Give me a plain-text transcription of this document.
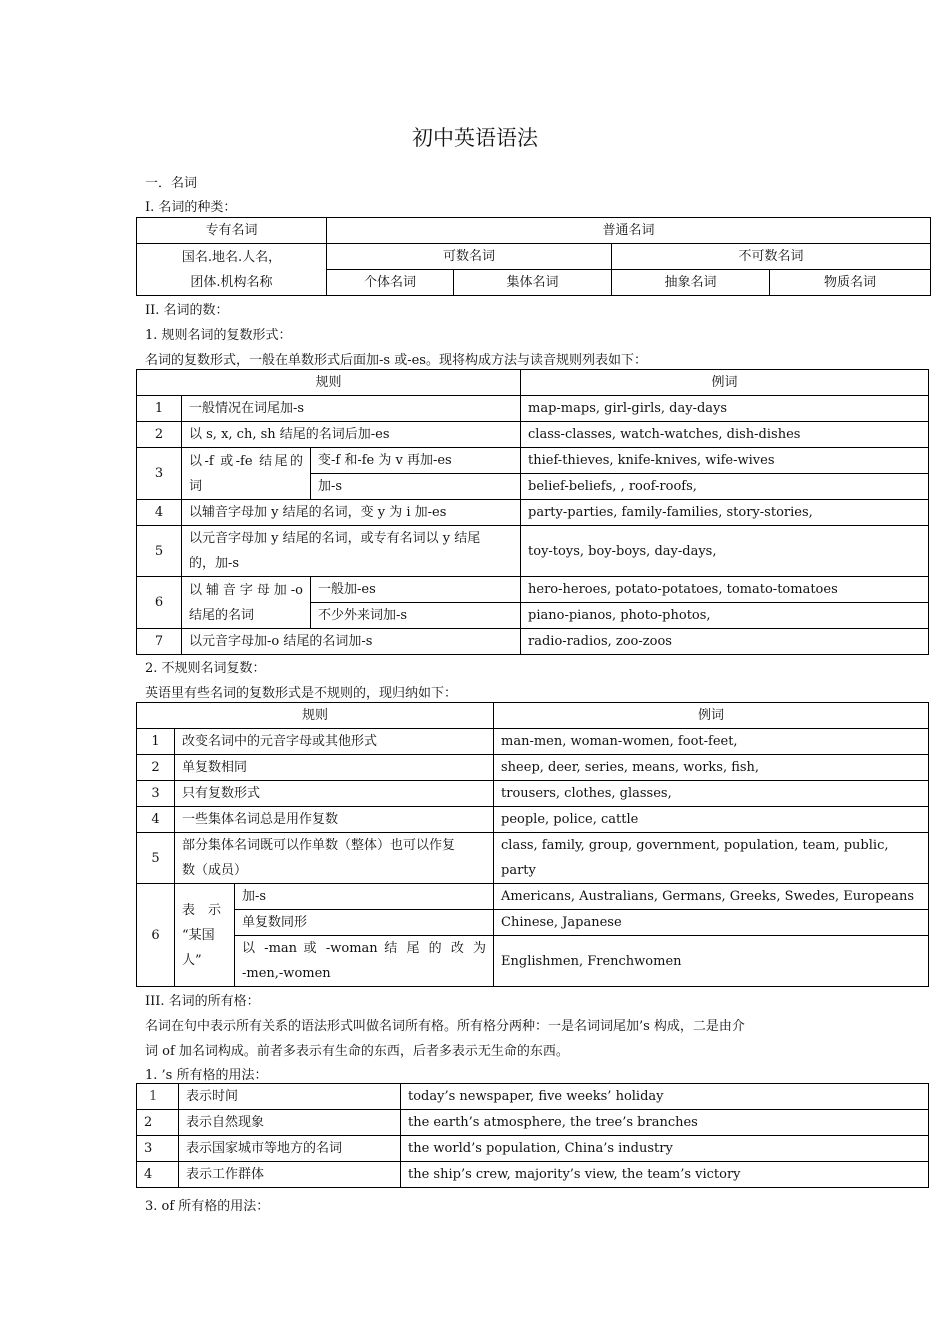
初中英语语法
一．名词
I. 名词的种类：
专有名词	普通名词			

国名.地名.人名，
团体.机构名称	可数名词		不可数名词	
	个体名词	集体名词	抽象名词	物质名词
II. 名词的数：
1. 规则名词的复数形式：
名词的复数形式，一般在单数形式后面加-s 或-es。现将构成方法与读音规则列表如下：
规则			例词
1	一般情况在词尾加-s		map-maps, girl-girls, day-days
2	以 s, x, ch, sh 结尾的名词后加-es		class-classes, watch-watches, dish-dishes
3	以-f 或-fe 结尾的
词	变-f 和-fe 为 v 再加-es	thief-thieves, knife-knives, wife-wives
		加-s	belief-beliefs, , roof-roofs,
4	以辅音字母加 y 结尾的名词，变 y 为 i 加-es		party-parties, family-families, story-stories,
5	以元音字母加 y 结尾的名词，或专有名词以 y 结尾
的，加-s		toy-toys, boy-boys, day-days,
6	以辅音字母加-o
结尾的名词	一般加-es	hero-heroes, potato-potatoes, tomato-tomatoes
		不少外来词加-s	piano-pianos, photo-photos,
7	以元音字母加-o 结尾的名词加-s		radio-radios, zoo-zoos
2. 不规则名词复数：
英语里有些名词的复数形式是不规则的，现归纳如下：
规则			例词
1	改变名词中的元音字母或其他形式		man-men, woman-women, foot-feet,
2	单复数相同		sheep, deer, series, means, works, fish,
3	只有复数形式		trousers, clothes, glasses,
4	一些集体名词总是用作复数		people, police, cattle
5	部分集体名词既可以作单数（整体）也可以作复
数（成员）		class, family, group, government, population, team, public, party
6	表　示
“某国
人”	加-s	Americans, Australians, Germans, Greeks, Swedes, Europeans
		单复数同形	Chinese, Japanese

		以 -man 或 -woman 结 尾 的 改 为
-men,-women	Englishmen, Frenchwomen
III. 名词的所有格：
名词在句中表示所有关系的语法形式叫做名词所有格。所有格分两种：一是名词词尾加’s 构成，二是由介
词 of 加名词构成。前者多表示有生命的东西，后者多表示无生命的东西。
1. ’s 所有格的用法：
1	表示时间	today’s newspaper, five weeks’ holiday
2	表示自然现象	the earth’s atmosphere, the tree’s branches
3	表示国家城市等地方的名词	the world’s population, China’s industry
4	表示工作群体	the ship’s crew, majority’s view, the team’s victory
3. of 所有格的用法：
